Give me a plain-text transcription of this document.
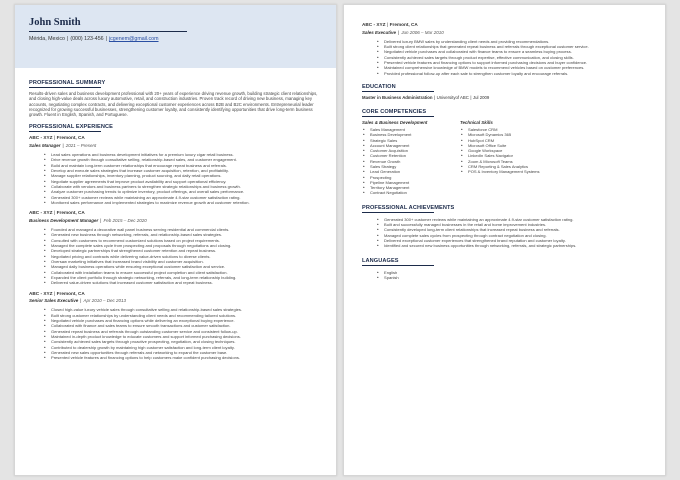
John Smith
Mérida, Mexico | (000) 123-456 | jcgenem@gmail.com
PROFESSIONAL SUMMARY
Results-driven sales and business development professional with 20+ years of experience driving revenue growth, building strategic client relationships, and closing high-value deals across luxury automotive, retail, and construction industries. Proven track record of driving new business, managing key accounts, negotiating complex contracts, and delivering exceptional customer experiences across B2B and B2C environments. Entrepreneurial leader recognized for growing successful businesses, strengthening customer loyalty, and consistently identifying opportunities that drive long-term business growth. Fluent in English, Spanish, and Portuguese.
PROFESSIONAL EXPERIENCE
ABC - XYZ | Fremont, CA
Sales Manager | 2021 – Present
• Lead sales operations and business development initiatives for a premium luxury cigar retail business.
• Drive revenue growth through consultative selling, relationship-based sales, and customer engagement.
• Build and maintain long-term customer relationships that encourage repeat business and referrals.
• Develop and execute sales strategies that increase customer acquisition, retention, and profitability.
• Manage supplier relationships, inventory planning, product sourcing, and daily retail operations.
• Negotiate supplier agreements that improve product availability and support operational efficiency.
• Collaborate with vendors and business partners to strengthen strategic relationships and business growth.
• Analyze customer purchasing trends to optimize inventory, product offerings, and overall sales performance.
• Generated 300+ customer reviews while maintaining an approximate 4.9-star customer satisfaction rating.
• Monitored sales performance and implemented strategies to maximize revenue growth and customer retention.
ABC - XYZ | Fremont, CA
Business Development Manager | Feb 2015 – Dec 2020
• Founded and managed a decorative wall panel business serving residential and commercial clients.
• Generated new business through networking, referrals, and relationship-based sales strategies.
• Consulted with customers to recommend customized solutions based on project requirements.
• Managed the complete sales cycle from prospecting and proposals through negotiations and closing.
• Developed strategic partnerships that strengthened customer retention and repeat business.
• Negotiated pricing and contracts while delivering value-driven solutions to diverse clients.
• Oversaw marketing initiatives that increased brand visibility and customer acquisition.
• Managed daily business operations while ensuring exceptional customer satisfaction and service.
• Collaborated with installation teams to ensure successful project completion and client satisfaction.
• Expanded the client portfolio through strategic networking, referrals, and long-term relationship building.
• Delivered value-driven solutions that increased customer satisfaction and repeat business.
ABC - XYZ | Fremont, CA
Senior Sales Executive | Apr 2010 – Dec 2013
• Closed high-value luxury vehicle sales through consultative selling and relationship-based sales strategies.
• Built strong customer relationships by understanding client needs and recommending tailored solutions.
• Negotiated vehicle purchases and financing options while delivering an exceptional buying experience.
• Collaborated with finance and sales teams to ensure smooth transactions and customer satisfaction.
• Generated repeat business and referrals through outstanding customer service and consistent follow-up.
• Maintained in-depth product knowledge to educate customers and support informed purchasing decisions.
• Consistently achieved sales targets through proactive prospecting, negotiation, and closing techniques.
• Contributed to dealership growth by maintaining high customer satisfaction and long-term client loyalty.
• Generated new sales opportunities through referrals and networking to expand the customer base.
• Presented vehicle features and financing options to help customers make confident purchasing decisions.
ABC - XYZ | Fremont, CA
Sales Executive | Jun 2006 – Mar 2010
• Delivered luxury BMW sales by understanding client needs and providing recommendations.
• Built strong client relationships that generated repeat business and referrals through exceptional customer service.
• Negotiated vehicle purchases and collaborated with finance teams to ensure a seamless buying process.
• Consistently achieved sales targets through product expertise, effective communication, and closing skills.
• Presented vehicle features and financing options to support informed purchasing decisions and buyer confidence.
• Maintained comprehensive knowledge of BMW models to recommend vehicles based on customer preferences.
• Provided professional follow-up after each sale to strengthen customer loyalty and encourage referrals.
EDUCATION
Master in Business Administration | Universityof ABC | Jul 2009
CORE COMPETENCIES
Sales & Business Development
• Sales Management
• Business Development
• Strategic Sales
• Account Management
• Customer Acquisition
• Customer Retention
• Revenue Growth
• Sales Strategy
• Lead Generation
• Prospecting
• Pipeline Management
• Territory Management
• Contract Negotiation
Technical Skills
• Salesforce CRM
• Microsoft Dynamics 365
• HubSpot CRM
• Microsoft Office Suite
• Google Workspace
• LinkedIn Sales Navigator
• Zoom & Microsoft Teams
• CRM Reporting & Sales Analytics
• POS & Inventory Management Systems
PROFESSIONAL ACHIEVEMENTS
• Generated 300+ customer reviews while maintaining an approximate 4.9-star customer satisfaction rating.
• Built and successfully managed businesses in the retail and home improvement industries.
• Consistently developed long-term client relationships that increased repeat business and referrals.
• Managed complete sales cycles from prospecting through contract negotiation and closing.
• Delivered exceptional customer experiences that strengthened brand reputation and customer loyalty.
• Identified and secured new business opportunities through networking, referrals, and strategic partnerships.
LANGUAGES
• English
• Spanish
